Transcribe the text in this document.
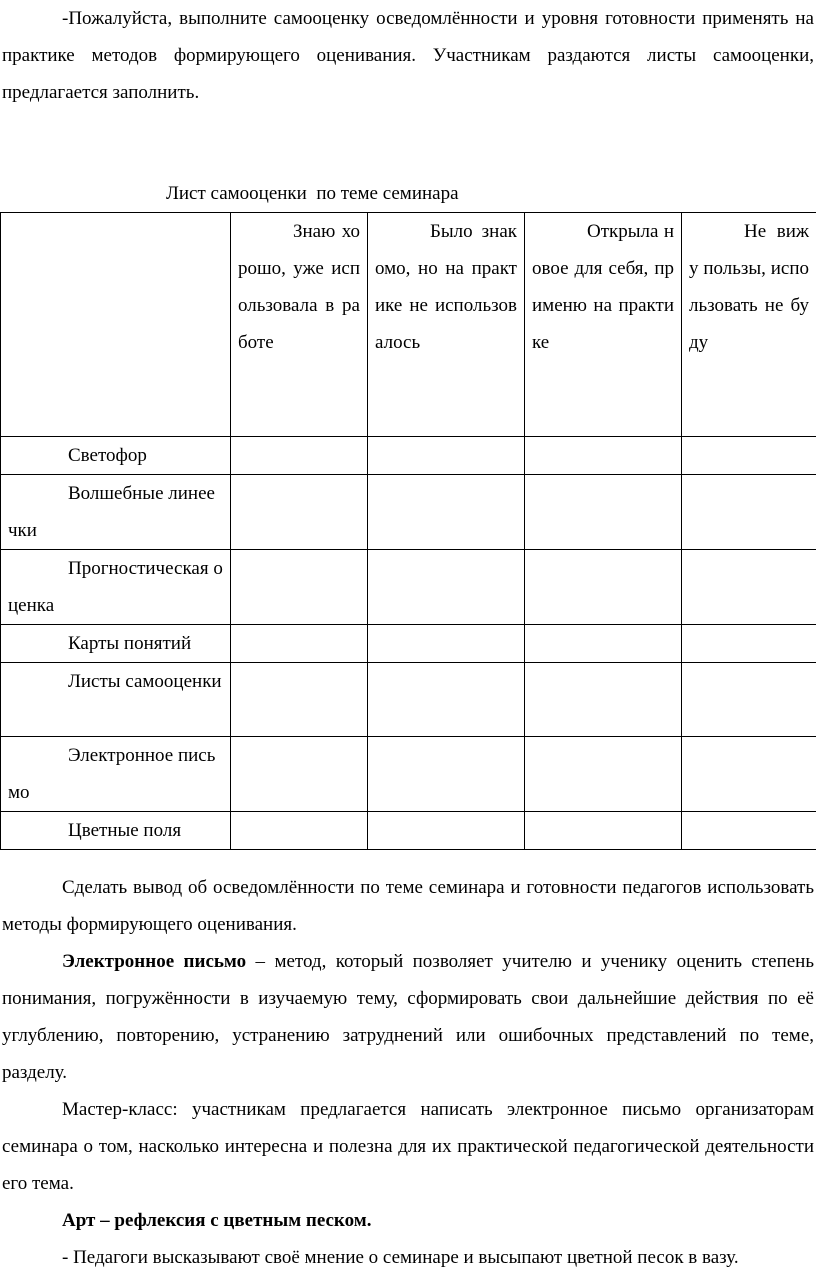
-Пожалуйста, выполните самооценку осведомлённости и уровня готовности применять на практике методов формирующего оценивания. Участникам раздаются листы самооценки, предлагается заполнить.

Лист самооценки  по теме семинара
	Знаю хорошо, уже использовала в работе	Было знакомо, но на практике не использовалось	Открыла новое для себя, применю на практике	Не вижу пользы, использовать не буду
Светофор				
Волшебные линеечки				
Прогностическая оценка				
Карты понятий				
Листы самооценки				
Электронное письмо				
Цветные поля				

Сделать вывод об осведомлённости по теме семинара и готовности педагогов использовать методы формирующего оценивания.

Электронное письмо – метод, который позволяет учителю и ученику оценить степень понимания, погружённости в изучаемую тему, сформировать свои дальнейшие действия по её углублению, повторению, устранению затруднений или ошибочных представлений по теме, разделу.

Мастер-класс: участникам предлагается написать электронное письмо организаторам семинара о том, насколько интересна и полезна для их практической педагогической деятельности его тема.

Арт – рефлексия с цветным песком.

- Педагоги высказывают своё мнение о семинаре и высыпают цветной песок в вазу.
